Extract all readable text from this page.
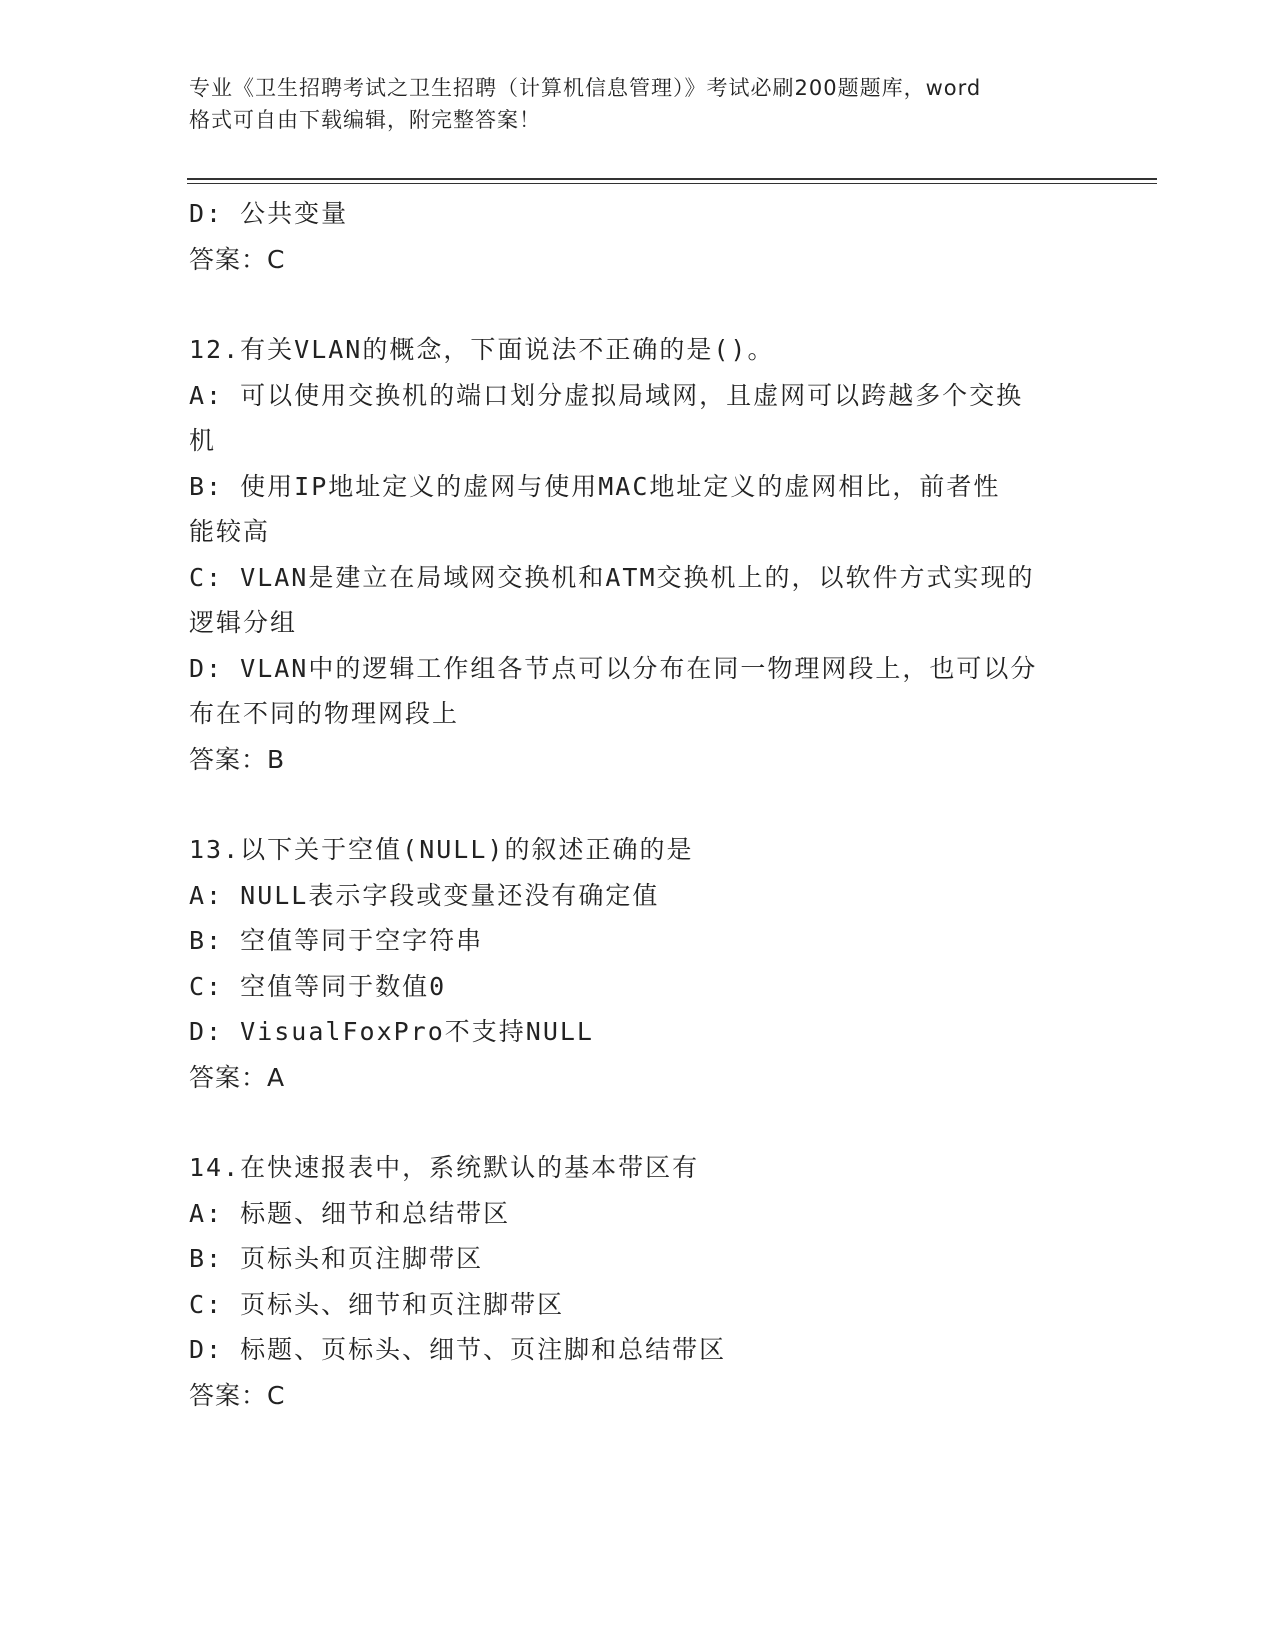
专业《卫生招聘考试之卫生招聘（计算机信息管理）》考试必刷200题题库，word
格式可自由下载编辑，附完整答案！
D: 公共变量
答案：C
12.有关VLAN的概念，下面说法不正确的是()。
A: 可以使用交换机的端口划分虚拟局域网，且虚网可以跨越多个交换
机
B: 使用IP地址定义的虚网与使用MAC地址定义的虚网相比，前者性
能较高
C: VLAN是建立在局域网交换机和ATM交换机上的，以软件方式实现的
逻辑分组
D: VLAN中的逻辑工作组各节点可以分布在同一物理网段上，也可以分
布在不同的物理网段上
答案：B
13.以下关于空值(NULL)的叙述正确的是
A: NULL表示字段或变量还没有确定值
B: 空值等同于空字符串
C: 空值等同于数值0
D: VisualFoxPro不支持NULL
答案：A
14.在快速报表中，系统默认的基本带区有
A: 标题、细节和总结带区
B: 页标头和页注脚带区
C: 页标头、细节和页注脚带区
D: 标题、页标头、细节、页注脚和总结带区
答案：C
